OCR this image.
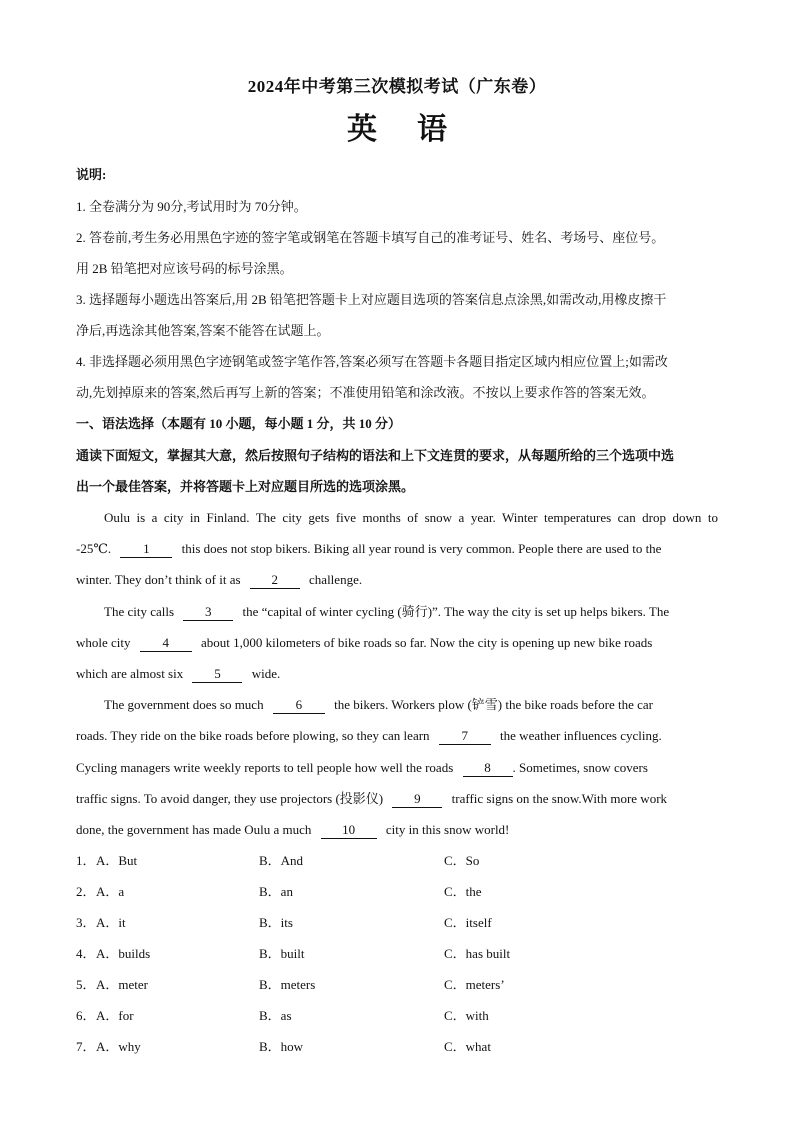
2024年中考第三次模拟考试（广东卷）
英 语
说明:
1. 全卷满分为 90分,考试用时为 70分钟。
2. 答卷前,考生务必用黑色字迹的签字笔或钢笔在答题卡填写自己的准考证号、姓名、考场号、座位号。
用 2B 铅笔把对应该号码的标号涂黑。
3. 选择题每小题选出答案后,用 2B 铅笔把答题卡上对应题目选项的答案信息点涂黑,如需改动,用橡皮擦干
净后,再选涂其他答案,答案不能答在试题上。
4. 非选择题必须用黑色字迹钢笔或签字笔作答,答案必须写在答题卡各题目指定区域内相应位置上;如需改
动,先划掉原来的答案,然后再写上新的答案；不准使用铅笔和涂改液。不按以上要求作答的答案无效。
一、语法选择（本题有 10 小题，每小题 1 分，共 10 分）
通读下面短文，掌握其大意，然后按照句子结构的语法和上下文连贯的要求，从每题所给的三个选项中选
出一个最佳答案，并将答题卡上对应题目所选的选项涂黑。
Oulu is a city in Finland. The city gets five months of snow a year. Winter temperatures can drop down to
-25℃. 1 this does not stop bikers. Biking all year round is very common. People there are used to the
winter. They don’t think of it as 2 challenge.
The city calls 3 the “capital of winter cycling (骑行)”. The way the city is set up helps bikers. The
whole city 4 about 1,000 kilometers of bike roads so far. Now the city is opening up new bike roads
which are almost six 5 wide.
The government does so much 6 the bikers. Workers plow (铲雪) the bike roads before the car
roads. They ride on the bike roads before plowing, so they can learn 7 the weather influences cycling.
Cycling managers write weekly reports to tell people how well the roads 8 . Sometimes, snow covers
traffic signs. To avoid danger, they use projectors (投影仪) 9 traffic signs on the snow.With more work
done, the government has made Oulu a much 10 city in this snow world!
1． A．But	B．And	C．So
2． A．a	B．an	C．the
3． A．it	B．its	C．itself
4． A．builds	B．built	C．has built
5． A．meter	B．meters	C．meters’
6． A．for	B．as	C．with
7． A．why	B．how	C．what
